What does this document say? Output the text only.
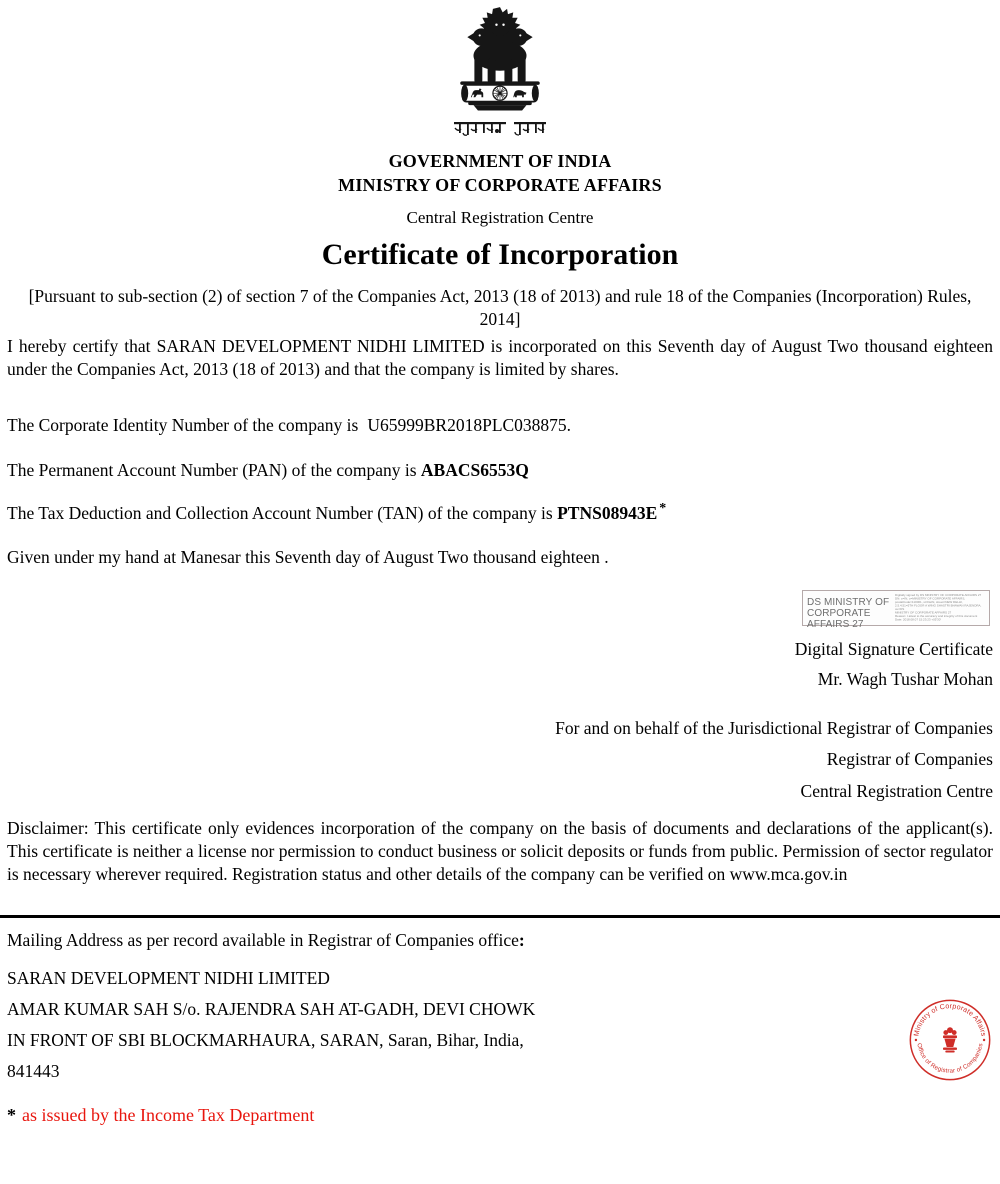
GOVERNMENT OF INDIA
MINISTRY OF CORPORATE AFFAIRS
Central Registration Centre
Certificate of Incorporation
[Pursuant to sub-section (2) of section 7 of the Companies Act, 2013 (18 of 2013) and rule 18 of the Companies (Incorporation) Rules, 2014]
I hereby certify that SARAN DEVELOPMENT NIDHI LIMITED is incorporated on this Seventh day of August Two thousand eighteen under the Companies Act, 2013 (18 of 2013) and that the company is limited by shares.
The Corporate Identity Number of the company is U65999BR2018PLC038875.
The Permanent Account Number (PAN) of the company is ABACS6553Q
The Tax Deduction and Collection Account Number (TAN) of the company is PTNS08943E *
Given under my hand at Manesar this Seventh day of August Two thousand eighteen .
DS MINISTRY OF CORPORATE AFFAIRS 27
Digitally signed by DS MINISTRY OF CORPORATE AFFAIRS 27
DN: c=IN, o=MINISTRY OF CORPORATE AFFAIRS,
postalCode=110001, st=Delhi, street=NEW DELHI,
2.5.4.51=5TH FLOOR A WING SHASTRI BHAWAN RAJENDRA, ou=DS
MINISTRY OF CORPORATE AFFAIRS 27
Reason: I attest to the accuracy and integrity of this document
Date: 2018.08.07 15:23:23 +05'30'
Digital Signature Certificate
Mr. Wagh Tushar Mohan
For and on behalf of the Jurisdictional Registrar of Companies
Registrar of Companies
Central Registration Centre
Disclaimer: This certificate only evidences incorporation of the company on the basis of documents and declarations of the applicant(s). This certificate is neither a license nor permission to conduct business or solicit deposits or funds from public. Permission of sector regulator is necessary wherever required. Registration status and other details of the company can be verified on www.mca.gov.in
Mailing Address as per record available in Registrar of Companies office:
SARAN DEVELOPMENT NIDHI LIMITED
AMAR KUMAR SAH S/o. RAJENDRA SAH AT-GADH, DEVI CHOWK
IN FRONT OF SBI BLOCKMARHAURA, SARAN, Saran, Bihar, India,
841443
* as issued by the Income Tax Department
Ministry of Corporate Affairs
Office of Registrar of Companies
